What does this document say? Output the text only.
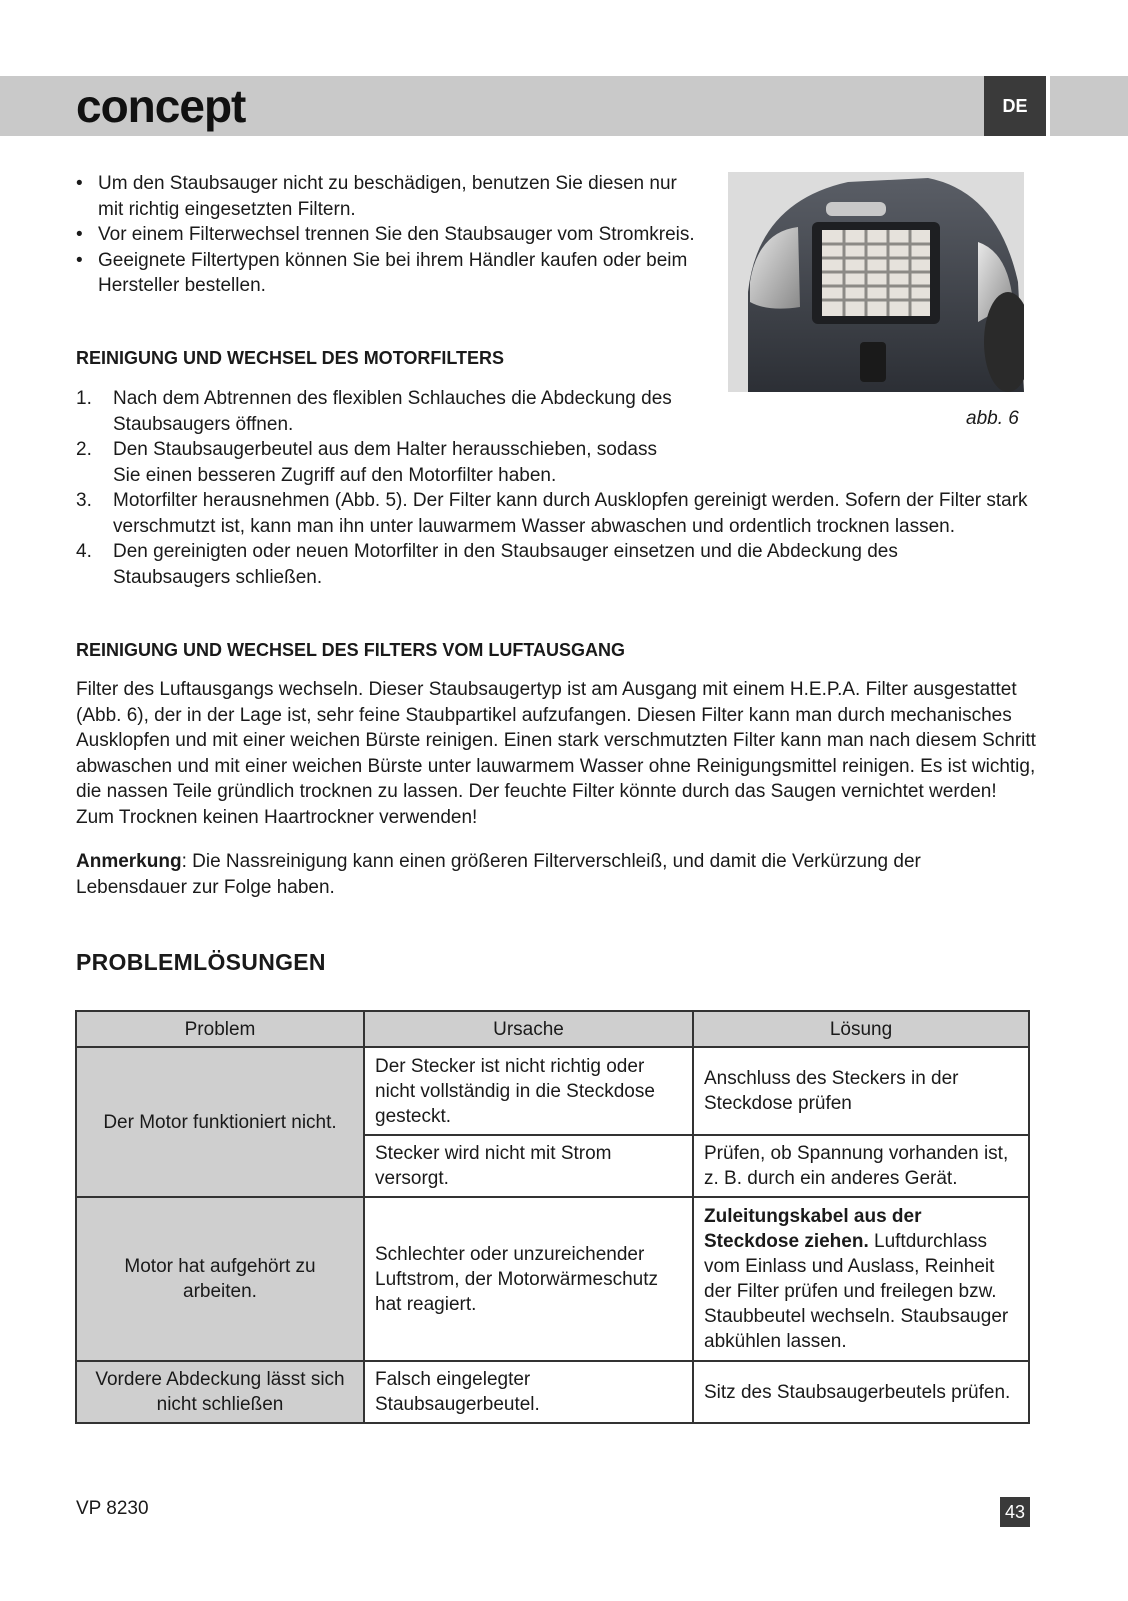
concept	DE
abb. 6
• Um den Staubsauger nicht zu beschädigen, benutzen Sie diesen nur mit richtig eingesetzten Filtern.
• Vor einem Filterwechsel trennen Sie den Staubsauger vom Stromkreis.
• Geeignete Filtertypen können Sie bei ihrem Händler kaufen oder beim Hersteller bestellen.
REINIGUNG UND WECHSEL DES MOTORFILTERS
1. Nach dem Abtrennen des flexiblen Schlauches die Abdeckung des Staubsaugers öffnen.
2. Den Staubsaugerbeutel aus dem Halter herausschieben, sodass Sie einen besseren Zugriff auf den Motorfilter haben.
3. Motorfilter herausnehmen (Abb. 5). Der Filter kann durch Ausklopfen gereinigt werden. Sofern der Filter stark verschmutzt ist, kann man ihn unter lauwarmem Wasser abwaschen und ordentlich trocknen lassen.
4. Den gereinigten oder neuen Motorfilter in den Staubsauger einsetzen und die Abdeckung des Staubsaugers schließen.
REINIGUNG UND WECHSEL DES FILTERS VOM LUFTAUSGANG

Filter des Luftausgangs wechseln. Dieser Staubsaugertyp ist am Ausgang mit einem H.E.P.A. Filter ausgestattet (Abb. 6), der in der Lage ist, sehr feine Staubpartikel aufzufangen. Diesen Filter kann man durch mechanisches Ausklopfen und mit einer weichen Bürste reinigen. Einen stark verschmutzten Filter kann man nach diesem Schritt abwaschen und mit einer weichen Bürste unter lauwarmem Wasser ohne Reinigungsmittel reinigen. Es ist wichtig, die nassen Teile gründlich trocknen zu lassen. Der feuchte Filter könnte durch das Saugen vernichtet werden! Zum Trocknen keinen Haartrockner verwenden!

Anmerkung: Die Nassreinigung kann einen größeren Filterverschleiß, und damit die Verkürzung der Lebensdauer zur Folge haben.

PROBLEMLÖSUNGEN
Problem	Ursache	Lösung
Der Motor funktioniert nicht.	Der Stecker ist nicht richtig oder nicht vollständig in die Steckdose gesteckt.	Anschluss des Steckers in der Steckdose prüfen
	Stecker wird nicht mit Strom versorgt.	Prüfen, ob Spannung vorhanden ist, z. B. durch ein anderes Gerät.
Motor hat aufgehört zu arbeiten.	Schlechter oder unzureichender Luftstrom, der Motorwärmeschutz hat reagiert.	Zuleitungskabel aus der Steckdose ziehen. Luftdurchlass vom Einlass und Auslass, Reinheit der Filter prüfen und freilegen bzw. Staubbeutel wechseln. Staubsauger abkühlen lassen.
Vordere Abdeckung lässt sich nicht schließen	Falsch eingelegter Staubsaugerbeutel.	Sitz des Staubsaugerbeutels prüfen.
VP 8230	43
